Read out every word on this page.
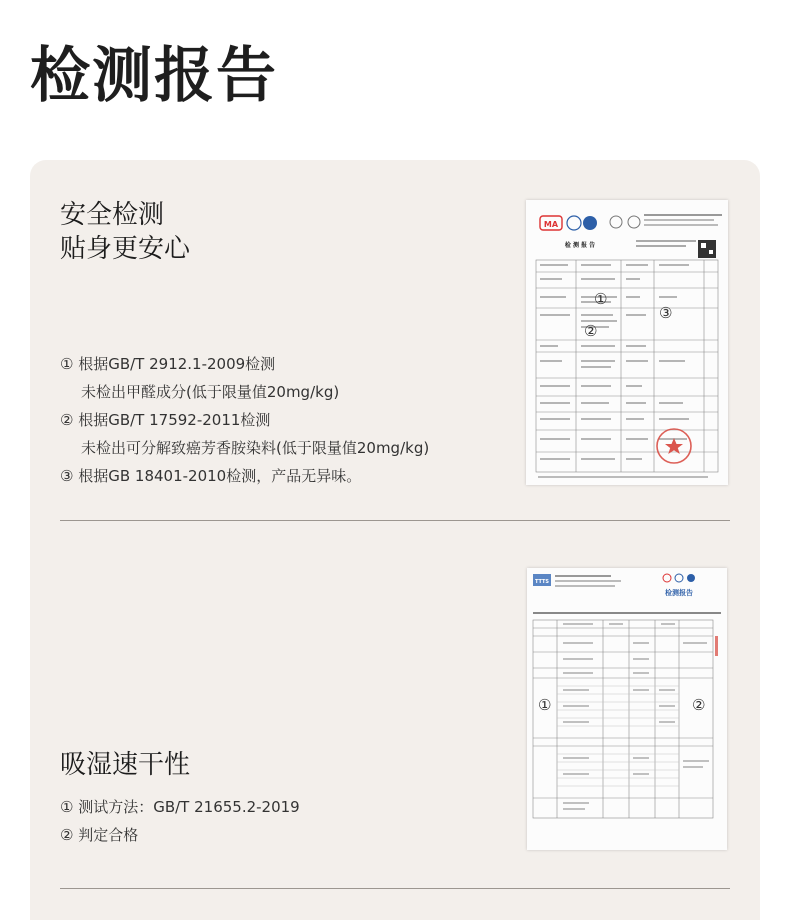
检测报告
安全检测
贴身更安心
① 根据GB/T 2912.1-2009检测
未检出甲醛成分(低于限量值20mg/kg)
② 根据GB/T 17592-2011检测
未检出可分解致癌芳香胺染料(低于限量值20mg/kg)
③ 根据GB 18401-2010检测，产品无异味。
MA
检 测 报 告
①
②
③
吸湿速干性
① 测试方法：GB/T 21655.2-2019
② 判定合格
TTTS
检测报告
①	②
